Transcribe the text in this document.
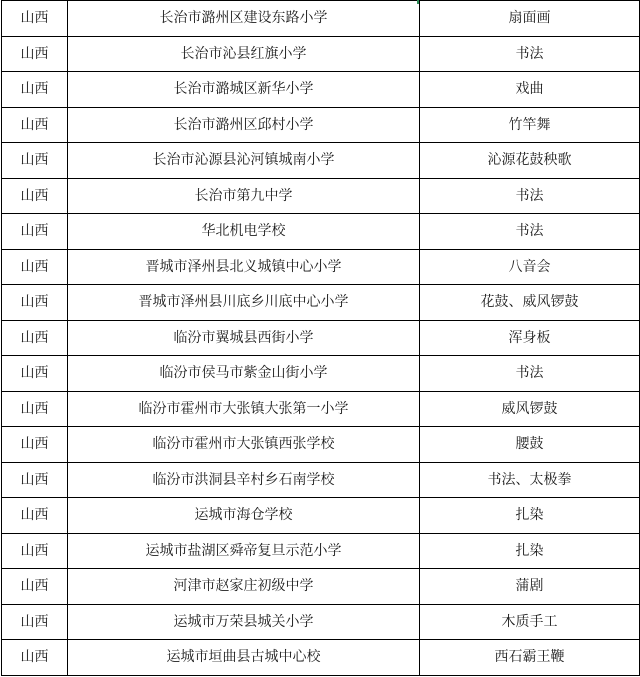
山西	长治市潞州区建设东路小学	扇面画
山西	长治市沁县红旗小学	书法
山西	长治市潞城区新华小学	戏曲
山西	长治市潞州区邱村小学	竹竿舞
山西	长治市沁源县沁河镇城南小学	沁源花鼓秧歌
山西	长治市第九中学	书法
山西	华北机电学校	书法
山西	晋城市泽州县北义城镇中心小学	八音会
山西	晋城市泽州县川底乡川底中心小学	花鼓、威风锣鼓
山西	临汾市翼城县西街小学	浑身板
山西	临汾市侯马市紫金山街小学	书法
山西	临汾市霍州市大张镇大张第一小学	威风锣鼓
山西	临汾市霍州市大张镇西张学校	腰鼓
山西	临汾市洪洞县辛村乡石南学校	书法、太极拳
山西	运城市海仓学校	扎染
山西	运城市盐湖区舜帝复旦示范小学	扎染
山西	河津市赵家庄初级中学	蒲剧
山西	运城市万荣县城关小学	木质手工
山西	运城市垣曲县古城中心校	西石霸王鞭
